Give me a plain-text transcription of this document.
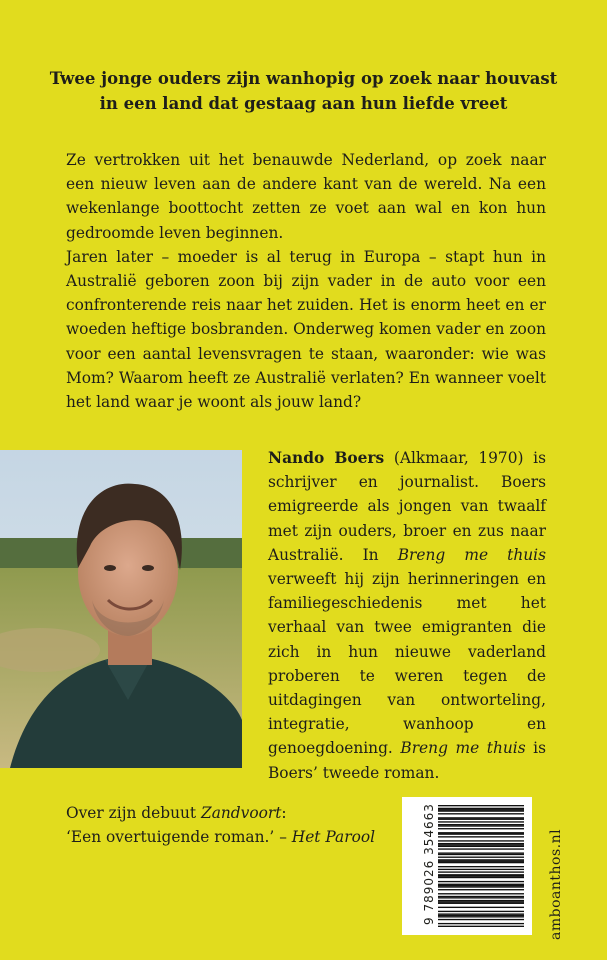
Twee jonge ouders zijn wanhopig op zoek naar houvast
in een land dat gestaag aan hun liefde vreet

Ze vertrokken uit het benauwde Nederland, op zoek naar een nieuw leven aan de andere kant van de wereld. Na een wekenlange boottocht zetten ze voet aan wal en kon hun gedroomde leven beginnen.

Jaren later – moeder is al terug in Europa – stapt hun in Australië geboren zoon bij zijn vader in de auto voor een confronterende reis naar het zuiden. Het is enorm heet en er woeden heftige bosbranden. Onderweg komen vader en zoon voor een aantal levensvragen te staan, waaronder: wie was Mom? Waarom heeft ze Australië verlaten? En wanneer voelt het land waar je woont als jouw land?

Nando Boers (Alkmaar, 1970) is schrijver en journalist. Boers emigreerde als jongen van twaalf met zijn ouders, broer en zus naar Australië. In Breng me thuis verweeft hij zijn herinneringen en familiegeschiedenis met het verhaal van twee emigranten die zich in hun nieuwe vaderland proberen te weren tegen de uitdagingen van ontworteling, integratie, wanhoop en genoegdoening. Breng me thuis is Boers’ tweede roman.
Over zijn debuut Zandvoort:
‘Een overtuigende roman.’ – Het Parool	9 789026 354663	amboanthos.nl
